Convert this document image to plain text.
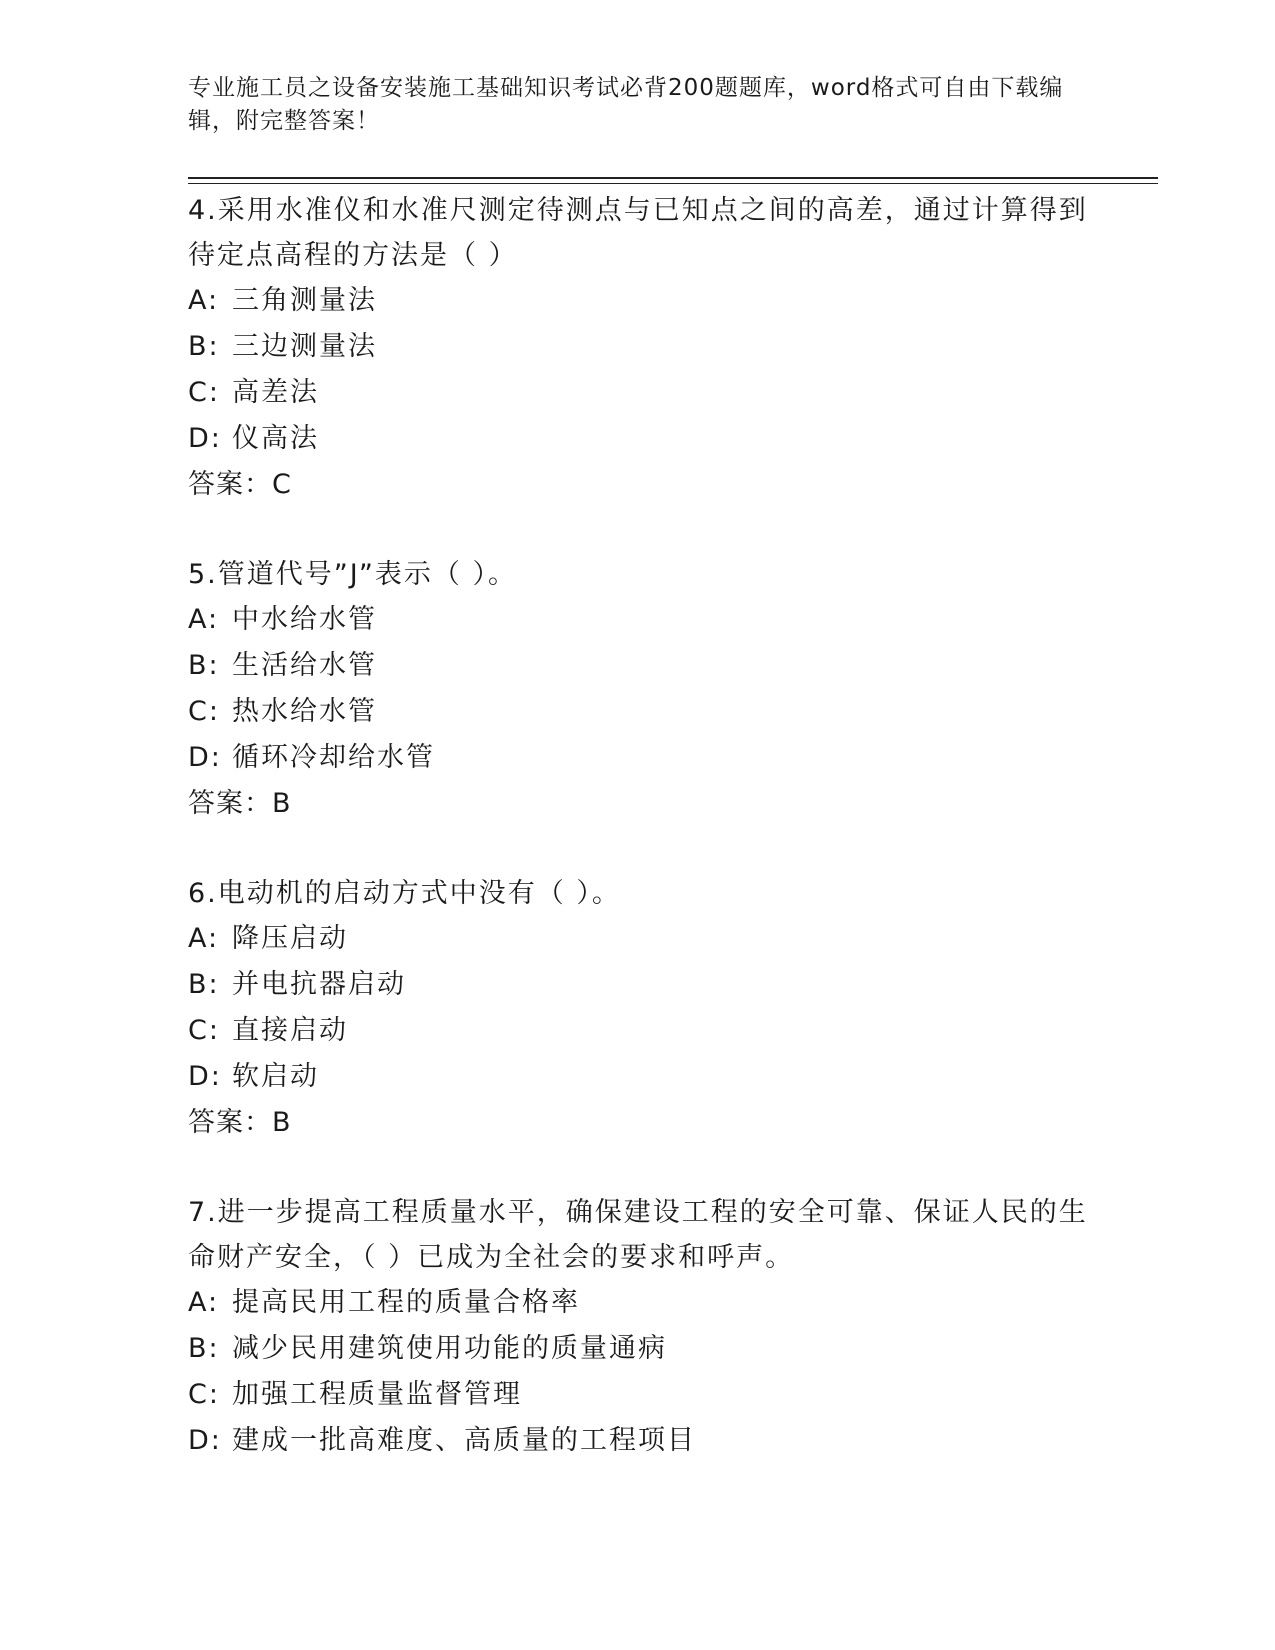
专业施工员之设备安装施工基础知识考试必背200题题库，word格式可自由下载编辑，附完整答案！
4.采用水准仪和水准尺测定待测点与已知点之间的高差，通过计算得到待定点高程的方法是（ ）
A: 三角测量法
B: 三边测量法
C: 高差法
D: 仪高法
答案：C
5.管道代号”J”表示（ ）。
A: 中水给水管
B: 生活给水管
C: 热水给水管
D: 循环冷却给水管
答案：B
6.电动机的启动方式中没有（ ）。
A: 降压启动
B: 并电抗器启动
C: 直接启动
D: 软启动
答案：B
7.进一步提高工程质量水平，确保建设工程的安全可靠、保证人民的生命财产安全，（ ）已成为全社会的要求和呼声。
A: 提高民用工程的质量合格率
B: 减少民用建筑使用功能的质量通病
C: 加强工程质量监督管理
D: 建成一批高难度、高质量的工程项目
